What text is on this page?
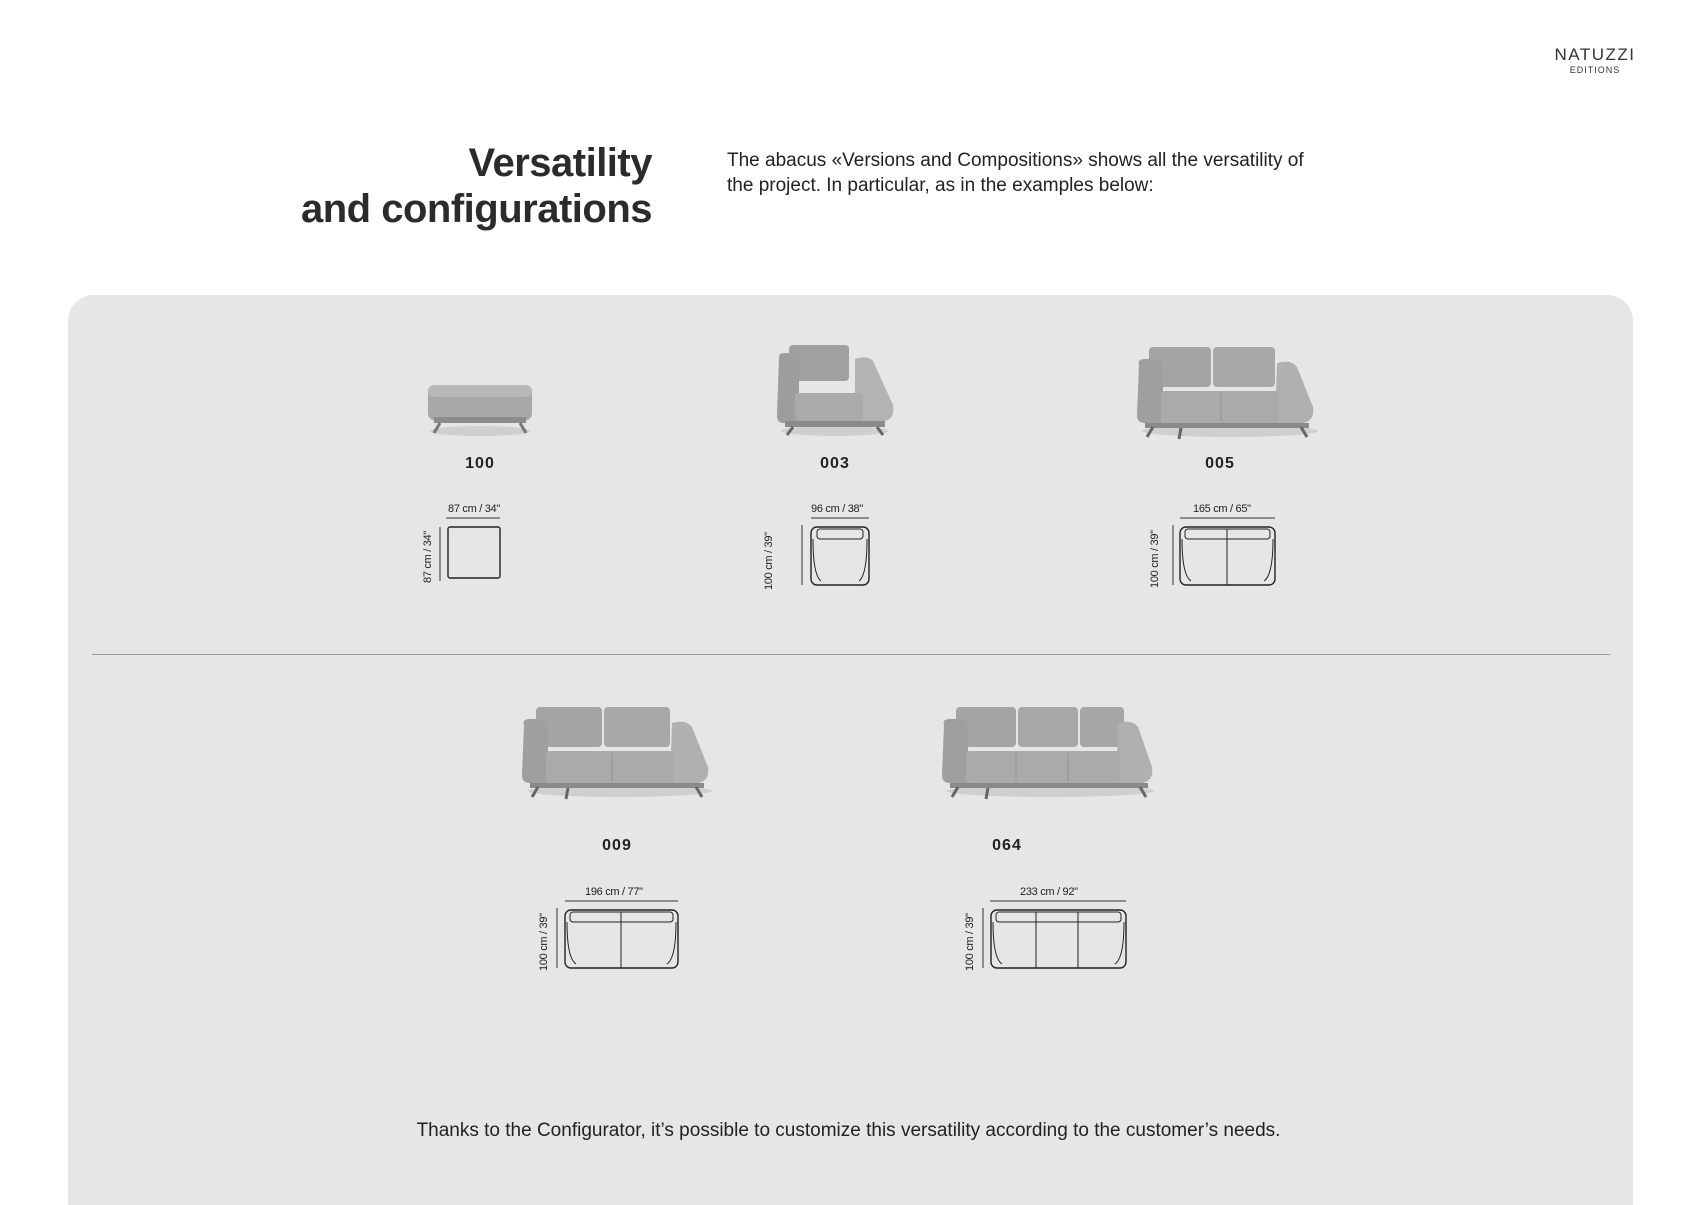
NATUZZI
EDITIONS
Versatility
and configurations
The abacus «Versions and Compositions» shows all the versatility of the project. In particular, as in the examples below:
100
87 cm / 34"
87 cm / 34"
003
96 cm / 38"
100 cm / 39"
005
165 cm / 65"
100 cm / 39"
009
196 cm / 77"
100 cm / 39"
064
233 cm / 92"
100 cm / 39"
Thanks to the Configurator, it’s possible to customize this versatility according to the customer’s needs.
